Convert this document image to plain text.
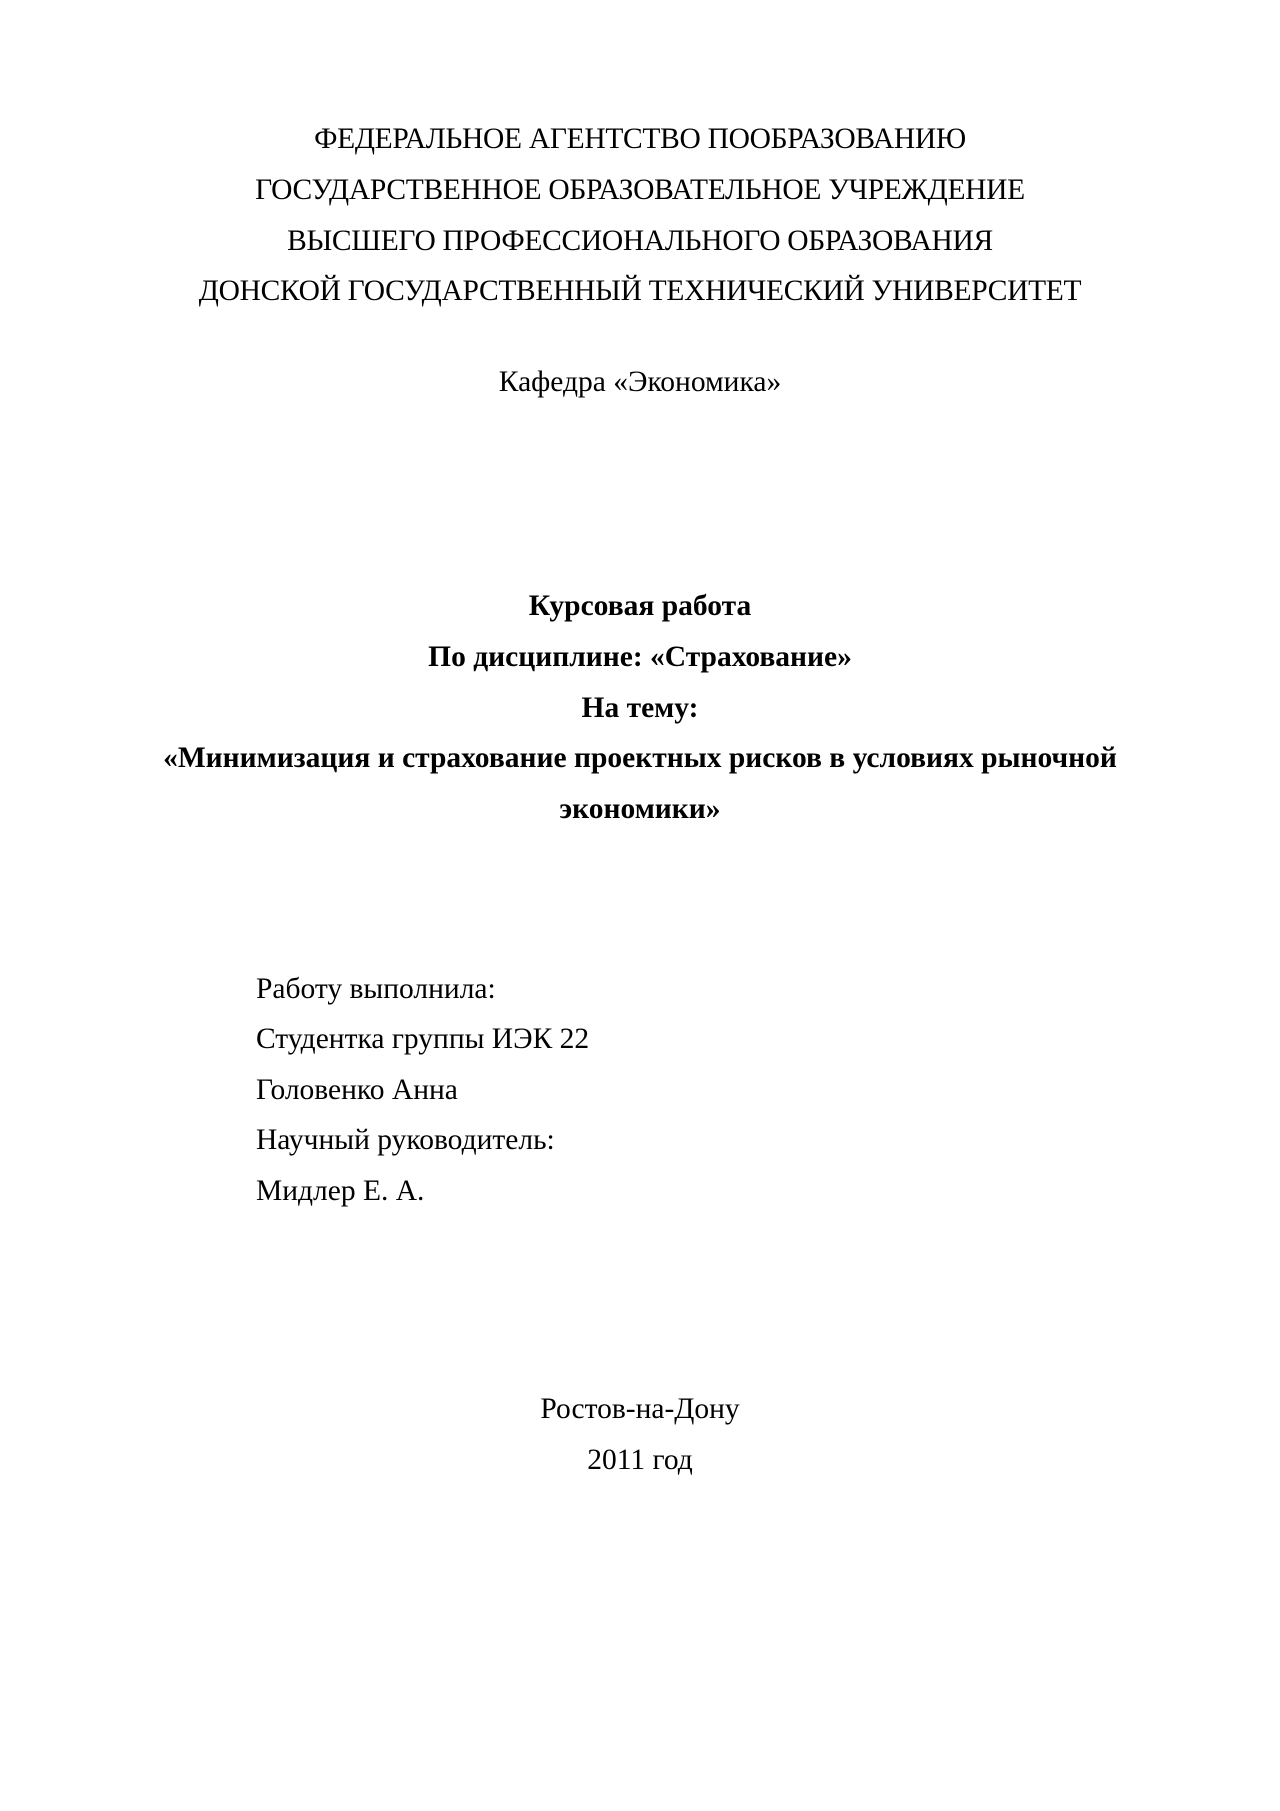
ФЕДЕРАЛЬНОЕ АГЕНТСТВО ПООБРАЗОВАНИЮ
ГОСУДАРСТВЕННОЕ ОБРАЗОВАТЕЛЬНОЕ УЧРЕЖДЕНИЕ
ВЫСШЕГО ПРОФЕССИОНАЛЬНОГО ОБРАЗОВАНИЯ
ДОНСКОЙ ГОСУДАРСТВЕННЫЙ ТЕХНИЧЕСКИЙ УНИВЕРСИТЕТ
Кафедра «Экономика»
Курсовая работа
По дисциплине: «Страхование»
На тему:
«Минимизация и страхование проектных рисков в условиях рыночной
экономики»
Работу выполнила:
Студентка группы ИЭК 22
Головенко Анна
Научный руководитель:
Мидлер Е. А.
Ростов-на-Дону
2011 год
